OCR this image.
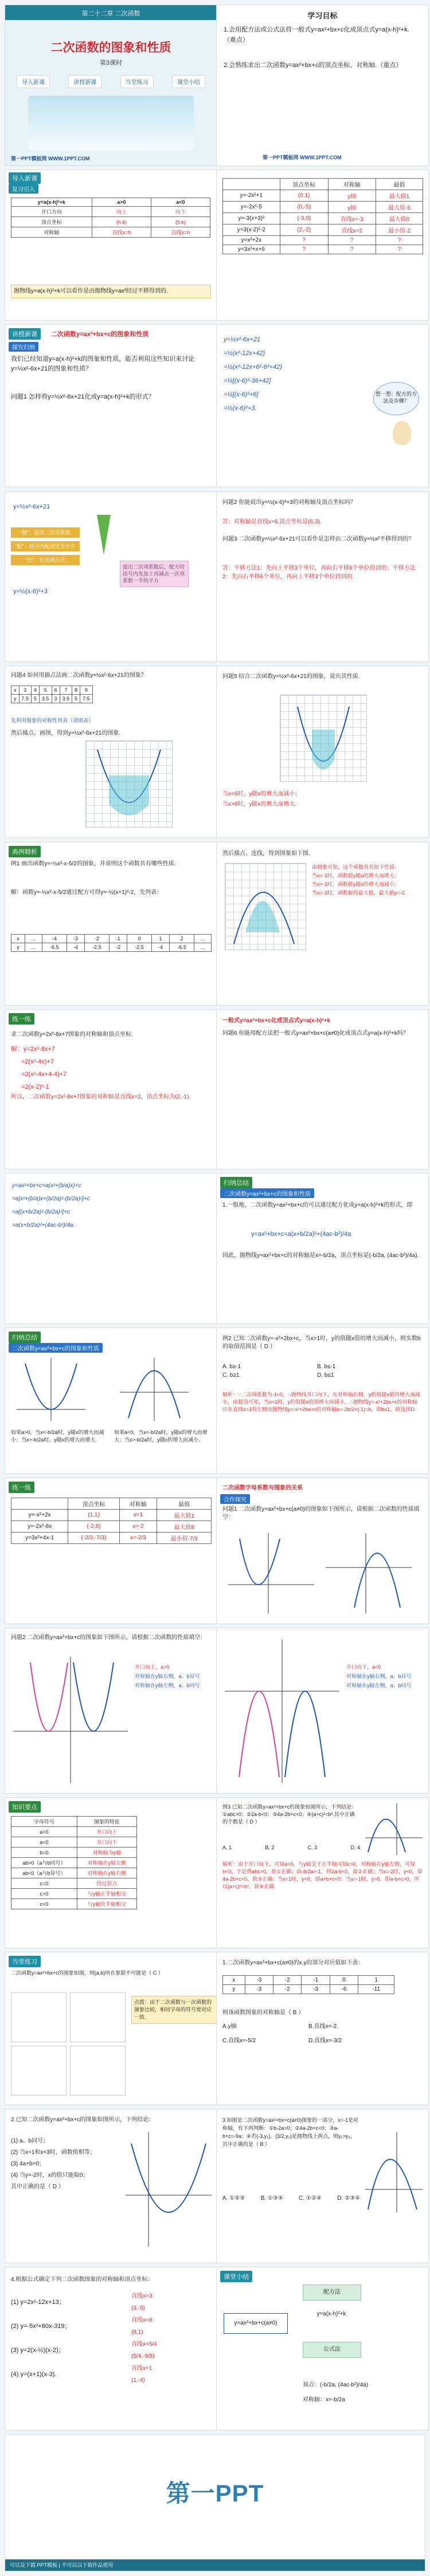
第二十二章 二次函数
二次函数的图象和性质
第3课时
导入新课	讲授新课	当堂练习	课堂小结
第一PPT模板网 WWW.1PPT.COM
学习目标
1.会用配方法或公式法将一般式y=ax²+bx+c化成顶点式y=a(x-h)²+k.（难点）
2.会熟练求出二次函数y=ax²+bx+c的顶点坐标、对称轴.（重点）
第一PPT模板网 WWW.1PPT.COM
导入新课
复习引入
y=a(x-h)²+k	a>0	a<0
开口方向	向上	向下
顶点坐标	(h,k)	(h,k)
对称轴	直线x=h	直线x=h
抛物线y=a(x-h)²+k可以看作是由抛物线y=ax²经过平移得到的.
	顶点坐标	对称轴	最值
y=-2x²+1	(0,1)	y轴	最大值1
y=-2x²-5	(0,-5)	y轴	最大值-5
y=-3(x+3)²	(-3,0)	直线x=-3	最大值0
y=3(x-2)²-2	(2,-2)	直线x=2	最小值-2
y=x²+2x	?	?	?
y=3x²+x+6	?	?	?
讲授新课	二次函数y=ax²+bx+c的图象和性质
探究归纳
我们已经知道y=a(x-h)²+k的图象和性质，能否利用这些知识来讨论y=½x²-6x+21的图象和性质？
问题1 怎样将y=½x²-6x+21化成y=a(x-h)²+k的形式？
y=½x²-6x+21
=½(x²-12x+42)
=½(x²-12x+6²-6²+42)
=½[(x-6)²-36+42]
=½[(x-6)²+6]
=½(x-6)²+3.
想一想：配方的方法及步骤？
y=½x²-6x+21
“提”：提出二次项系数
“配”：括号内配成完全平方
“化”：化成顶点式
y=½(x-6)²+3
提出二次项系数后，配方时括号内先加上再减去一次项系数一半的平方
问题2 你能说出y=½(x-6)²+3的对称轴及顶点坐标吗？
答：对称轴是直线x=6,顶点坐标是(6,3).
问题3 二次函数y=½x²-6x+21可以看作是怎样由二次函数y=½x²平移得到的？
答：平移方法1：先向上平移3个单位，再向右平移6个单位得到的；平移方法2：先向右平移6个单位，再向上平移3个单位得到的.
问题4 如何用描点法画二次函数y=½x²-6x+21的图象？
x	3	4	5	6	7	8	9
y	7.5	5	3.5	3	3.5	5	7.5
先利用图象的对称性列表（请填表）
然后描点、画图，得到y=½x²-6x+21的图象.
问题5 结合二次函数y=½x²-6x+21的图象，说出其性质.
当x<6时，y随x的增大而减小；
当x>6时，y随x的增大而增大.
典例精析
例1 画出函数y=-½x²-x-5/2的图象，并说明这个函数具有哪些性质.
解：函数y=-½x²-x-5/2通过配方可得y=-½(x+1)²-2，先列表：
x	...	-4	-3	-2	-1	0	1	2	...
y	...	-6.5	-4	-2.5	-2	-2.5	-4	-6.5	...
然后描点、连线，得到图象如下图.
由图象可知，这个函数具有如下性质：
当x<-1时，函数值y随x的增大而增大；
当x>-1时，函数值y随x的增大而减小；
当x=-1时，函数取得最大值，最大值y=-2.
练一练
求二次函数y=2x²-8x+7图象的对称轴和顶点坐标.
解：y=2x²-8x+7
=2(x²-4x)+7
=2(x²-4x+4-4)+7
=2(x-2)²-1
所以，二次函数y=2x²-8x+7图象的对称轴是直线x=2，顶点坐标为(2,-1).
一般式y=ax²+bx+c化成顶点式y=a(x-h)²+k
问题6 你能用配方法把一般式y=ax²+bx+c(a≠0)化成顶点式y=a(x-h)²+k吗？
y=ax²+bx+c=a(x²+(b/a)x)+c
=a[x²+(b/a)x+(b/2a)²-(b/2a)²]+c
=a[(x+b/2a)²-(b/2a)²]+c
=a(x+b/2a)²+(4ac-b²)/4a.
归纳总结
二次函数y=ax²+bx+c的图象和性质
1.一般地，二次函数y=ax²+bx+c的可以通过配方化成y=a(x-h)²+k的形式，即
y=ax²+bx+c=a(x+b/2a)²+(4ac-b²)/4a
因此，抛物线y=ax²+bx+c的对称轴是x=-b/2a，顶点坐标是(-b/2a, (4ac-b²)/4a).
归纳总结
二次函数y=ax²+bx+c的图象和性质
如果a>0，当x<-b/2a时，y随x的增大而减小；当x>-b/2a时，y随x的增大而增大.
如果a<0，当x<-b/2a时，y随x的增大而增大；当x>-b/2a时，y随x的增大而减小.
例2 已知二次函数y=-x²+2bx+c，当x>1时，y的值随x值的增大而减小，则实数b的取值范围是（ D ）
A. b≥-1	B. b≤-1
C. b≥1	D. b≤1
解析：∵二次项系数为-1<0，∴抛物线开口向下，在对称轴右侧，y的值随x值的增大而减小，由题设可知，当x>1时，y的值随x值的增大而减小，∴抛物线y=-x²+2bx+c的对称轴应在直线x=1的左侧而抛物线y=-x²+2bx+c的对称轴x=-2b/2×(-1)=b，即b≤1，故选择D.
练一练
	顶点坐标	对称轴	最值
y=-x²+2x	(1,1)	x=1	最大值1
y=-2x²-8x	(-2,8)	x=-2	最大值8
y=3x²+4x-1	(-2/3,-7/3)	x=-2/3	最小值-7/3
二次函数字母系数与图象的关系
合作探究
问题1 二次函数y=ax²+bx+c(a≠0)的图象如下图所示，请根据二次函数的性质填空：
问题2 二次函数y=ax²+bx+c的图象如下图所示，请根据二次函数的性质填空：
开口向上，a>0
对称轴在y轴右侧，a、b异号
对称轴在y轴左侧，a、b同号
开口向下，a<0
对称轴在y轴右侧，a、b异号
对称轴在y轴左侧，a、b同号
知识要点
字母符号	图象的特征
a>0	开口向上
a<0	开口向下
b=0	对称轴为y轴
ab>0（a与b同号）	对称轴在y轴左侧
ab<0（a与b异号）	对称轴在y轴右侧
c=0	经过原点
c>0	与y轴正半轴相交
c<0	与y轴负半轴相交
例3 已知二次函数y=ax²+bx+c的图象如图所示，下列结论：①abc>0；②2a-b<0；③4a-2b+c<0；④(a+c)²<b².其中正确的个数是（ D ）
A. 1	B. 2	C. 3	D. 4
解析：由于开口向下，可知a<0，与y轴交于正半轴可知c>0，对称轴在y轴左侧，可知b<0，于是得abc>0，故①正确；由-b/2a>-1，得2a-b<0，故②正确；当x=-2时，y<0，即4a-2b+c<0，故③正确；当x=1时，y<0，即a+b+c<0；当x=-1时，y>0，即a-b+c>0，所以(a+c)²<b²，故④正确.
当堂练习
二次函数y=ax²+bx+c的图象如图，则(a,b)所在象限不可能是（ C ）
点拨：由于二次函数与一次函数的图象比较，相同字母的符号要对应一致.
1.二次函数y=ax²+bx+c(a≠0)的x,y的部分对应值如下表：
x	-3	-2	-1	0	1
y	-3	-2	-3	-6	-11
则该函数图象的对称轴是（ B ）
A.y轴	B.直线x=-2
C.直线x=-5/2	D.直线x=-3/2
2.已知二次函数y=ax²+bx+c的图象如图所示，下列结论：
(1) a、b同号；
(2) 当x=1和x=3时，函数值相等；
(3) 4a+b=0；
(4) 当y=-2时，x的值只能取0；
其中正确的是（ D ）
3.如图是二次函数y=ax²+bx+c(a≠0)图象的一部分，x=-1是对称轴，有下列判断：①b-2a=0；②4a-2b+c<0；③a-b+c=-9a；④若(-3,y₁)，(3/2,y₂)是抛物线上两点，则y₁>y₂，其中正确的是（ B ）
A. ①②③	B. ①③④	C. ①②④	D. ②③④
4.根据公式确定下列二次函数图象的对称轴和顶点坐标：
(1) y=2x²-12x+13；
(2) y=-5x²+80x-319；
(3) y=2(x-½)(x-2)；
(4) y=(x+1)(x-3).
直线x=3
(3,-5)
直线x=8
(8,1)
直线x=5/4
(5/4,-9/8)
直线x=1
(1,-4)
课堂小结
y=ax²+bx+c(a≠0)
配方法
公式法
y=a(x-h)²+k
顶点：(-b/2a, (4ac-b²)/4a)
对称轴：x=-b/2a
第一PPT
可以及下载 PPT模板 | 不可以以下载作品使用
